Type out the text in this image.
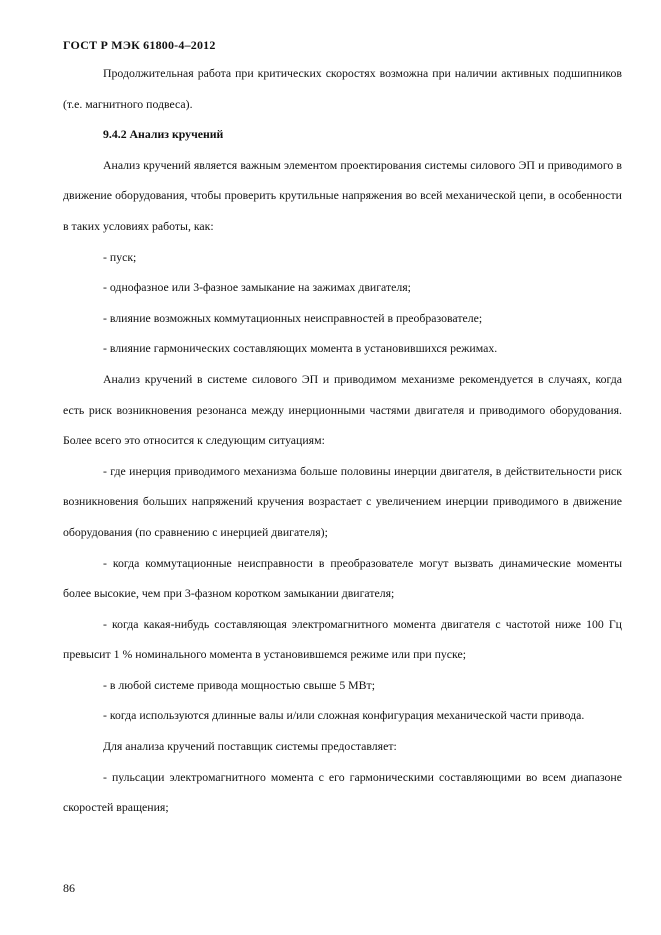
ГОСТ Р МЭК 61800-4–2012

Продолжительная работа при критических скоростях возможна при наличии активных подшипников (т.е. магнитного подвеса).

9.4.2 Анализ кручений

Анализ кручений является важным элементом проектирования системы силового ЭП и приводимого в движение оборудования, чтобы проверить крутильные напряжения во всей механической цепи, в особенности в таких условиях работы, как:

- пуск;

- однофазное или 3-фазное замыкание на зажимах двигателя;

- влияние возможных коммутационных неисправностей в преобразователе;

- влияние гармонических составляющих момента в установившихся режимах.

Анализ кручений в системе силового ЭП и приводимом механизме рекомендуется в случаях, когда есть риск возникновения резонанса между инерционными частями двигателя и приводимого оборудования. Более всего это относится к следующим ситуациям:

- где инерция приводимого механизма больше половины инерции двигателя, в действительности риск возникновения больших напряжений кручения возрастает с увеличением инерции приводимого в движение оборудования (по сравнению с инерцией двигателя);

- когда коммутационные неисправности в преобразователе могут вызвать динамические моменты более высокие, чем при 3-фазном коротком замыкании двигателя;

- когда какая-нибудь составляющая электромагнитного момента двигателя с частотой ниже 100 Гц превысит 1 % номинального момента в установившемся режиме или при пуске;

- в любой системе привода мощностью свыше 5 МВт;

- когда используются длинные валы и/или сложная конфигурация механической части привода.

Для анализа кручений поставщик системы предоставляет:

- пульсации электромагнитного момента с его гармоническими составляющими во всем диапазоне скоростей вращения;

86
